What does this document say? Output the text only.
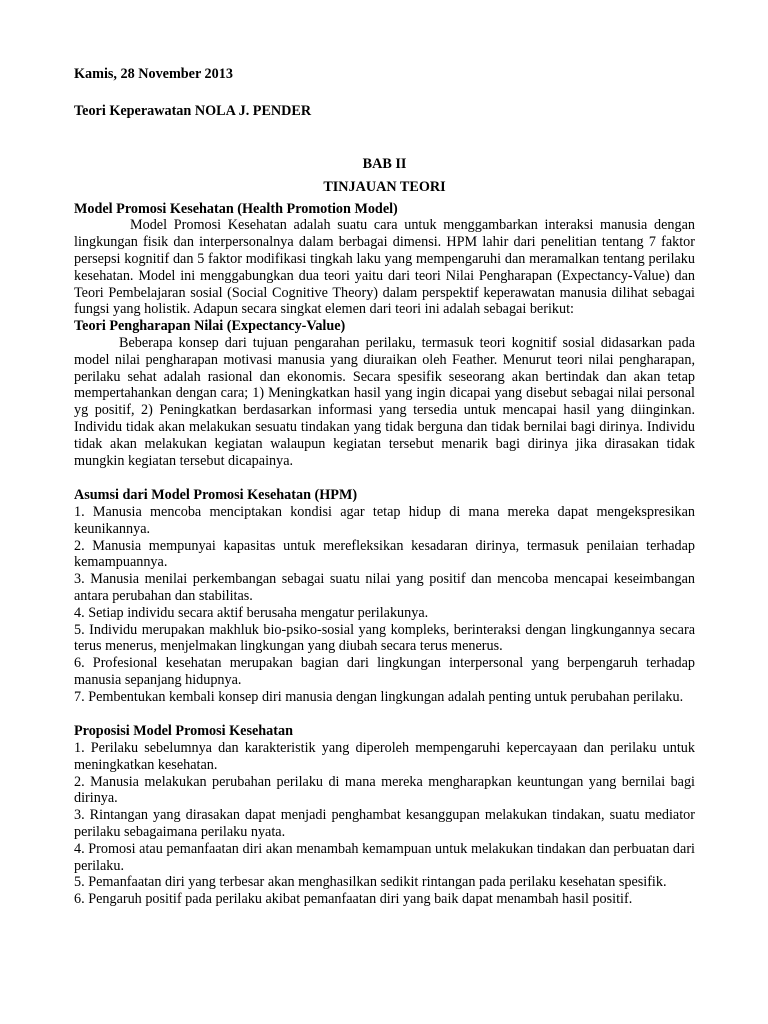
Kamis, 28 November 2013

Teori Keperawatan NOLA J. PENDER

BAB II

TINJAUAN TEORI

Model Promosi Kesehatan (Health Promotion Model)

Model Promosi Kesehatan adalah suatu cara untuk menggambarkan interaksi manusia dengan lingkungan fisik dan interpersonalnya dalam berbagai dimensi. HPM lahir dari penelitian tentang 7 faktor persepsi kognitif dan 5 faktor modifikasi tingkah laku yang mempengaruhi dan meramalkan tentang perilaku kesehatan. Model ini menggabungkan dua teori yaitu dari teori Nilai Pengharapan (Expectancy-Value) dan Teori Pembelajaran sosial (Social Cognitive Theory) dalam perspektif keperawatan manusia dilihat sebagai fungsi yang holistik. Adapun secara singkat elemen dari teori ini adalah sebagai berikut:

Teori Pengharapan Nilai (Expectancy-Value)

Beberapa konsep dari tujuan pengarahan perilaku, termasuk teori kognitif sosial didasarkan pada model nilai pengharapan motivasi manusia yang diuraikan oleh Feather. Menurut teori nilai pengharapan, perilaku sehat adalah rasional dan ekonomis. Secara spesifik seseorang akan bertindak dan akan tetap mempertahankan dengan cara; 1) Meningkatkan hasil yang ingin dicapai yang disebut sebagai nilai personal yg positif, 2) Peningkatkan berdasarkan informasi yang tersedia untuk mencapai hasil yang diinginkan. Individu tidak akan melakukan sesuatu tindakan yang tidak berguna dan tidak bernilai bagi dirinya. Individu tidak akan melakukan kegiatan walaupun kegiatan tersebut menarik bagi dirinya jika dirasakan tidak mungkin kegiatan tersebut dicapainya.

Asumsi dari Model Promosi Kesehatan (HPM)

1. Manusia mencoba menciptakan kondisi agar tetap hidup di mana mereka dapat mengekspresikan keunikannya.

2. Manusia mempunyai kapasitas untuk merefleksikan kesadaran dirinya, termasuk penilaian terhadap kemampuannya.

3. Manusia menilai perkembangan sebagai suatu nilai yang positif dan mencoba mencapai keseimbangan antara perubahan dan stabilitas.

4. Setiap individu secara aktif berusaha mengatur perilakunya.

5. Individu merupakan makhluk bio-psiko-sosial yang kompleks, berinteraksi dengan lingkungannya secara terus menerus, menjelmakan lingkungan yang diubah secara terus menerus.

6. Profesional kesehatan merupakan bagian dari lingkungan interpersonal yang berpengaruh terhadap manusia sepanjang hidupnya.

7. Pembentukan kembali konsep diri manusia dengan lingkungan adalah penting untuk perubahan perilaku.

Proposisi Model Promosi Kesehatan

1. Perilaku sebelumnya dan karakteristik yang diperoleh mempengaruhi kepercayaan dan perilaku untuk meningkatkan kesehatan.

2. Manusia melakukan perubahan perilaku di mana mereka mengharapkan keuntungan yang bernilai bagi dirinya.

3. Rintangan yang dirasakan dapat menjadi penghambat kesanggupan melakukan tindakan, suatu mediator perilaku sebagaimana perilaku nyata.

4. Promosi atau pemanfaatan diri akan menambah kemampuan untuk melakukan tindakan dan perbuatan dari perilaku.

5. Pemanfaatan diri yang terbesar akan menghasilkan sedikit rintangan pada perilaku kesehatan spesifik.

6. Pengaruh positif pada perilaku akibat pemanfaatan diri yang baik dapat menambah hasil positif.
